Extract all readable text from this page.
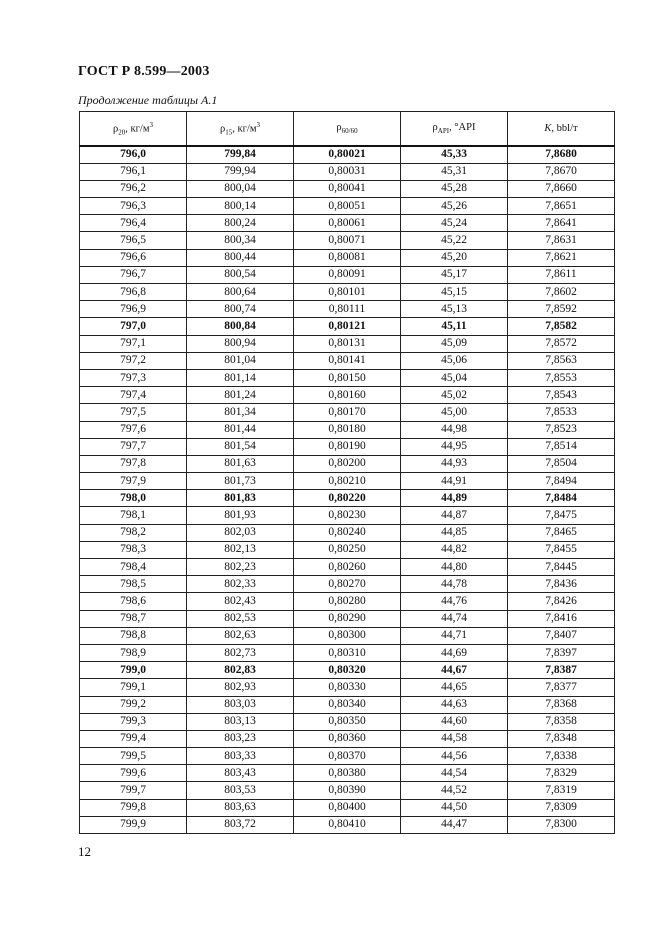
ГОСТ Р 8.599—2003
Продолжение таблицы А.1
$\rho_{20}$, $кг/м^3$	$\rho_{15}$, $кг/м^3$	$\rho_{60/60}$	$\rho_{API}$, °API	K, bbl/т
796,0	799,84	0,80021	45,33	7,8680
796,1	799,94	0,80031	45,31	7,8670
796,2	800,04	0,80041	45,28	7,8660
796,3	800,14	0,80051	45,26	7,8651
796,4	800,24	0,80061	45,24	7,8641
796,5	800,34	0,80071	45,22	7,8631
796,6	800,44	0,80081	45,20	7,8621
796,7	800,54	0,80091	45,17	7,8611
796,8	800,64	0,80101	45,15	7,8602
796,9	800,74	0,80111	45,13	7,8592
797,0	800,84	0,80121	45,11	7,8582
797,1	800,94	0,80131	45,09	7,8572
797,2	801,04	0,80141	45,06	7,8563
797,3	801,14	0,80150	45,04	7,8553
797,4	801,24	0,80160	45,02	7,8543
797,5	801,34	0,80170	45,00	7,8533
797,6	801,44	0,80180	44,98	7,8523
797,7	801,54	0,80190	44,95	7,8514
797,8	801,63	0,80200	44,93	7,8504
797,9	801,73	0,80210	44,91	7,8494
798,0	801,83	0,80220	44,89	7,8484
798,1	801,93	0,80230	44,87	7,8475
798,2	802,03	0,80240	44,85	7,8465
798,3	802,13	0,80250	44,82	7,8455
798,4	802,23	0,80260	44,80	7,8445
798,5	802,33	0,80270	44,78	7,8436
798,6	802,43	0,80280	44,76	7,8426
798,7	802,53	0,80290	44,74	7,8416
798,8	802,63	0,80300	44,71	7,8407
798,9	802,73	0,80310	44,69	7,8397
799,0	802,83	0,80320	44,67	7,8387
799,1	802,93	0,80330	44,65	7,8377
799,2	803,03	0,80340	44,63	7,8368
799,3	803,13	0,80350	44,60	7,8358
799,4	803,23	0,80360	44,58	7,8348
799,5	803,33	0,80370	44,56	7,8338
799,6	803,43	0,80380	44,54	7,8329
799,7	803,53	0,80390	44,52	7,8319
799,8	803,63	0,80400	44,50	7,8309
799,9	803,72	0,80410	44,47	7,8300
12
